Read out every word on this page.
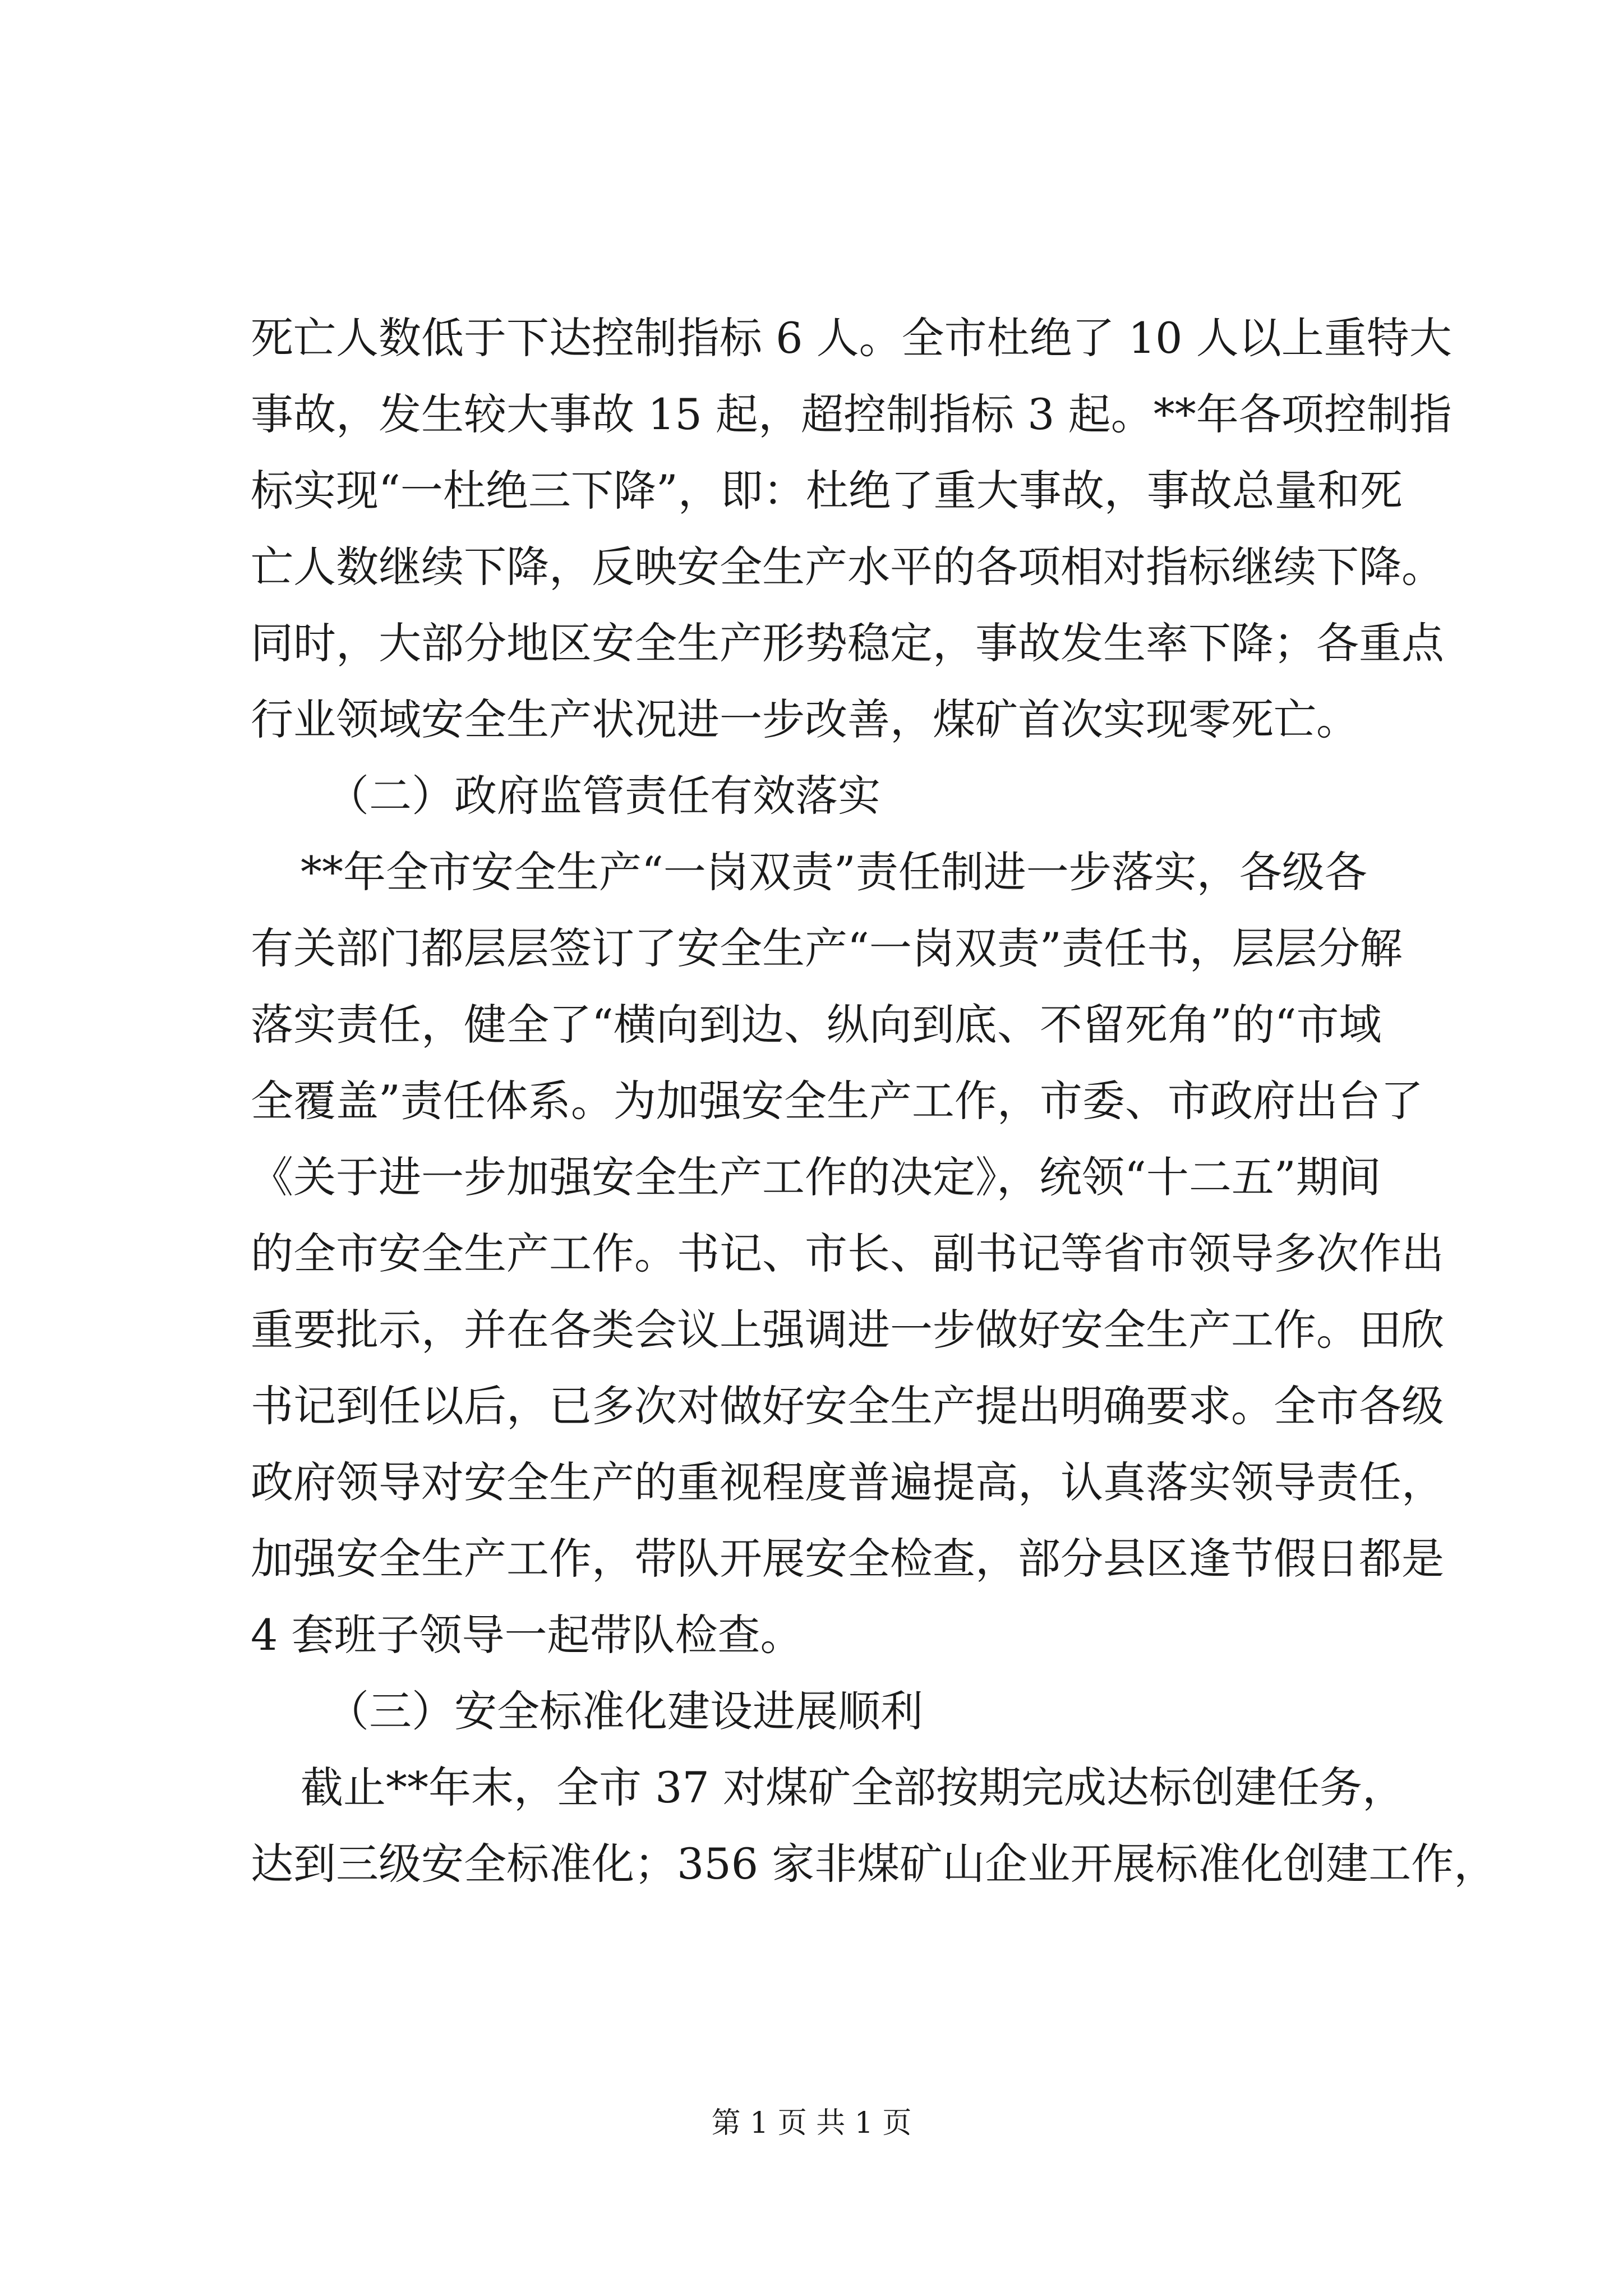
死亡人数低于下达控制指标 6 人。全市杜绝了 10 人以上重特大
事故，发生较大事故 15 起，超控制指标 3 起。**年各项控制指
标实现“一杜绝三下降”，即：杜绝了重大事故，事故总量和死
亡人数继续下降，反映安全生产水平的各项相对指标继续下降。
同时，大部分地区安全生产形势稳定，事故发生率下降；各重点
行业领域安全生产状况进一步改善，煤矿首次实现零死亡。
（二）政府监管责任有效落实
**年全市安全生产“一岗双责”责任制进一步落实，各级各
有关部门都层层签订了安全生产“一岗双责”责任书，层层分解
落实责任，健全了“横向到边、纵向到底、不留死角”的“市域
全覆盖”责任体系。为加强安全生产工作，市委、市政府出台了
《关于进一步加强安全生产工作的决定》，统领“十二五”期间
的全市安全生产工作。书记、市长、副书记等省市领导多次作出
重要批示，并在各类会议上强调进一步做好安全生产工作。田欣
书记到任以后，已多次对做好安全生产提出明确要求。全市各级
政府领导对安全生产的重视程度普遍提高，认真落实领导责任，
加强安全生产工作，带队开展安全检查，部分县区逢节假日都是
4 套班子领导一起带队检查。
（三）安全标准化建设进展顺利
截止**年末，全市 37 对煤矿全部按期完成达标创建任务，
达到三级安全标准化；356 家非煤矿山企业开展标准化创建工作，
第 1 页 共 1 页
